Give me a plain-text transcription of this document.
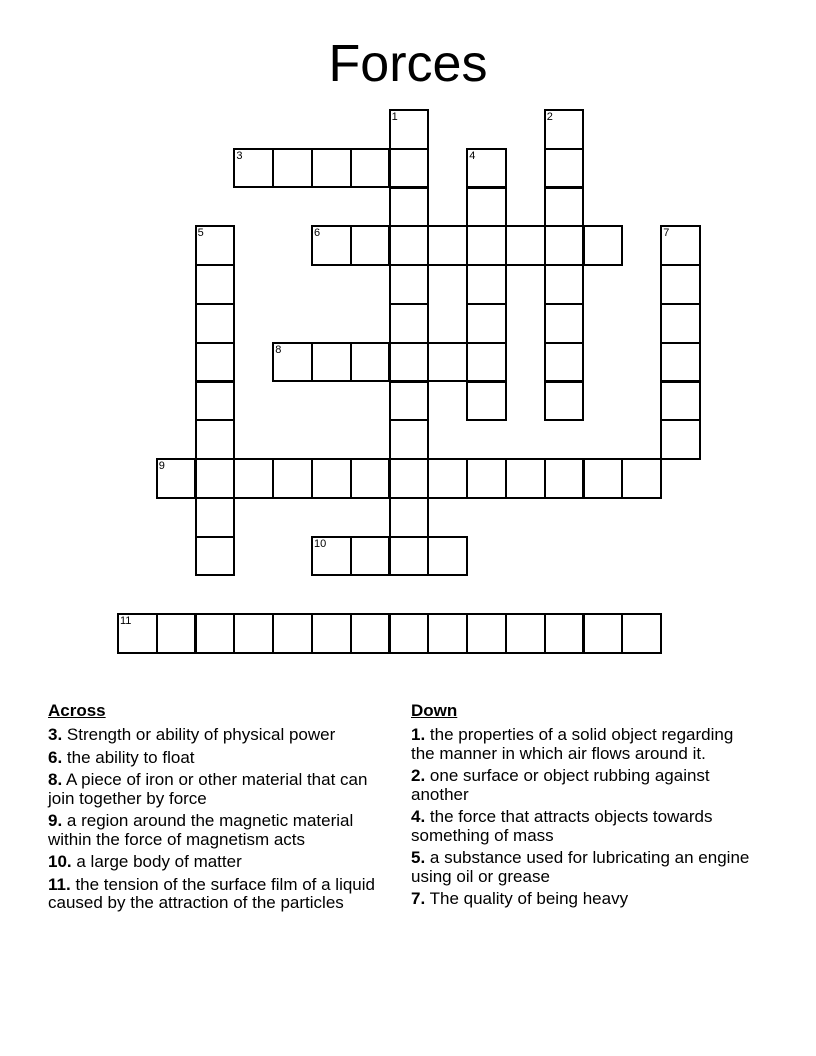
Forces
1	2
3	4
5	6	7
8
9
10
11
Across
3. Strength or ability of physical power
6. the ability to float
8. A piece of iron or other material that can join together by force
9. a region around the magnetic material within the force of magnetism acts
10. a large body of matter
11. the tension of the surface film of a liquid caused by the attraction of the particles
Down
1. the properties of a solid object regarding the manner in which air flows around it.
2. one surface or object rubbing against another
4. the force that attracts objects towards something of mass
5. a substance used for lubricating an engine using oil or grease
7. The quality of being heavy
